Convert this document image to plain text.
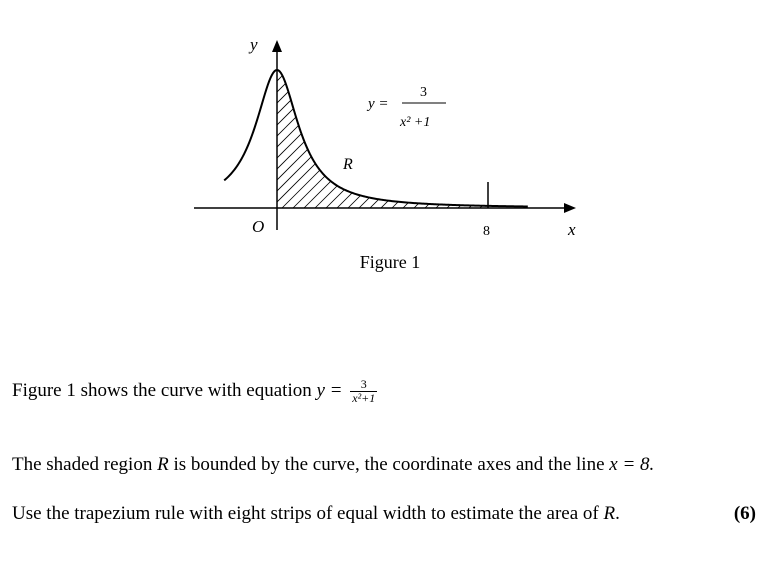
y
x
O	8
R
y =
3
x² +1
Figure 1
Figure 1 shows the curve with equation $y = \frac{3}{\text{x²+1}}$
The shaded region R is bounded by the curve, the coordinate axes and the line x = 8.
Use the trapezium rule with eight strips of equal width to estimate the area of R.	(6)
